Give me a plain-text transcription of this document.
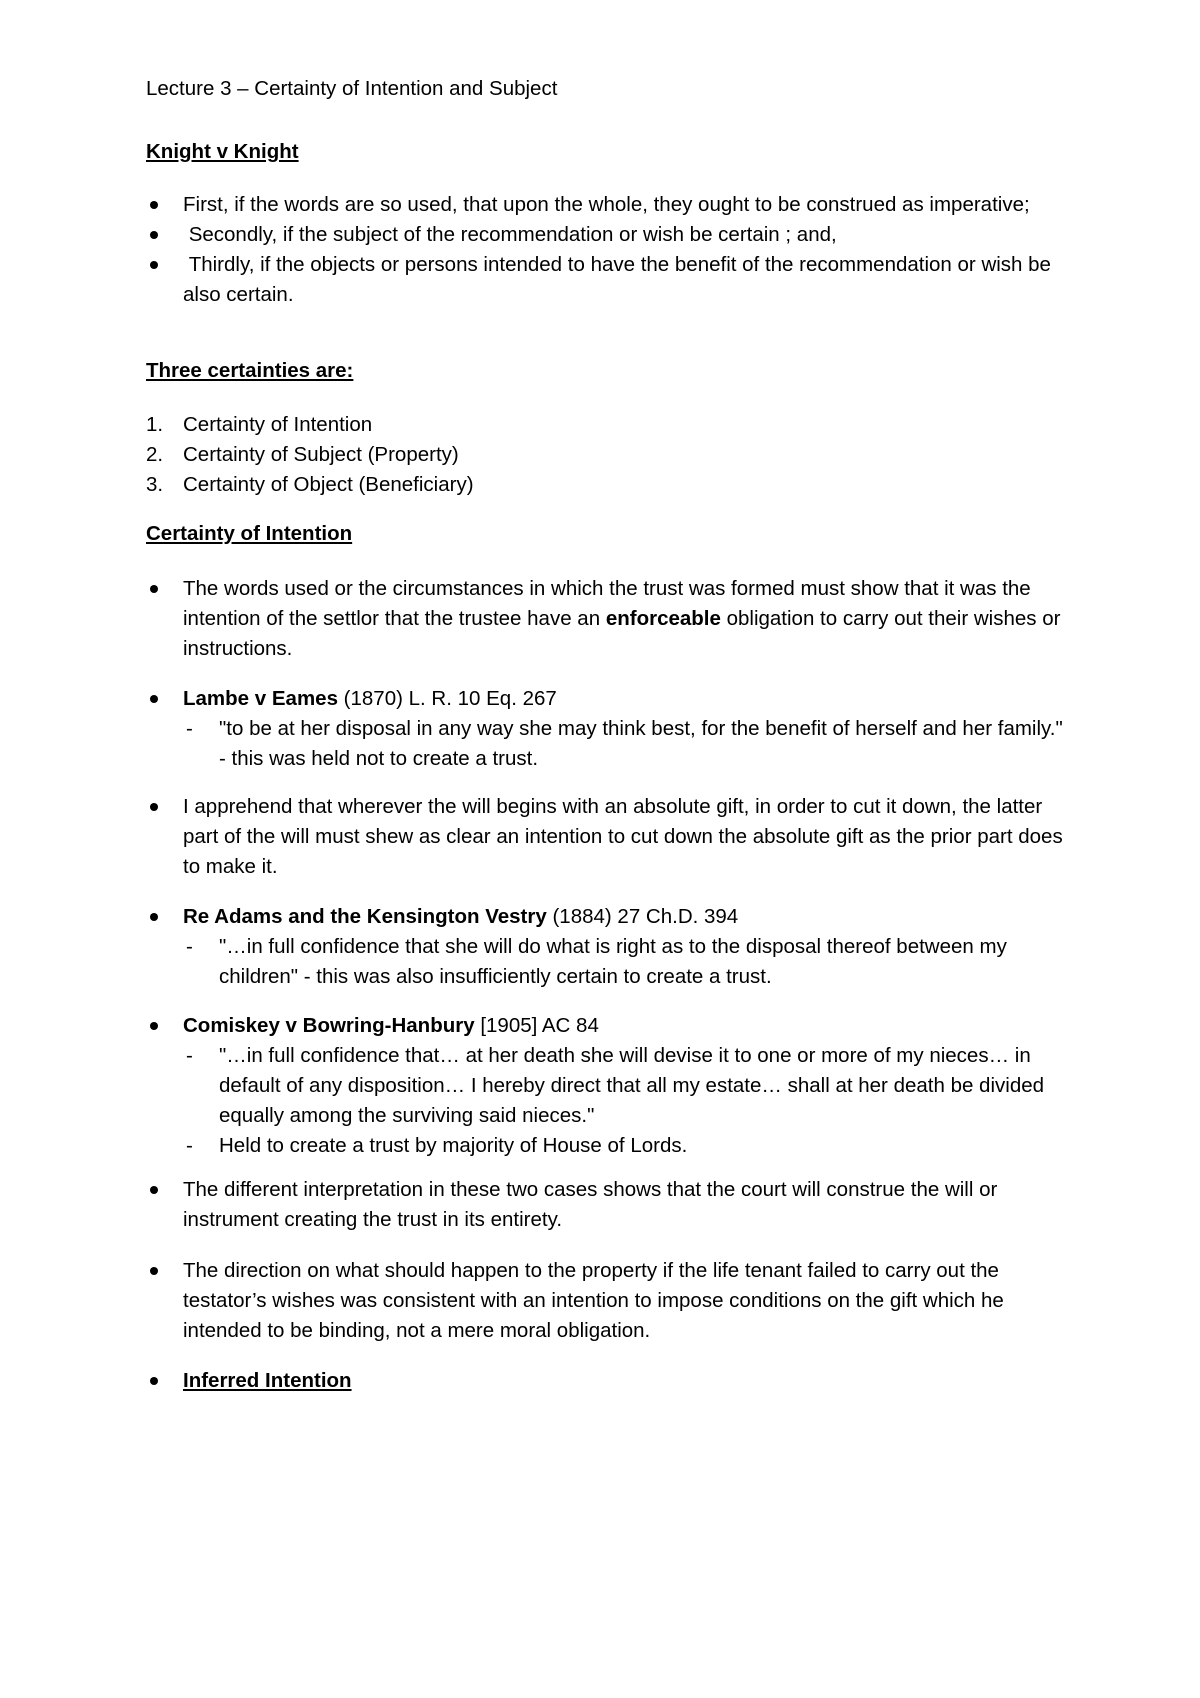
Lecture 3 – Certainty of Intention and Subject
Knight v Knight
First, if the words are so used, that upon the whole, they ought to be construed as imperative;
Secondly, if the subject of the recommendation or wish be certain ; and,
Thirdly, if the objects or persons intended to have the benefit of the recommendation or wish be also certain.
Three certainties are:
1. Certainty of Intention
2. Certainty of Subject (Property)
3. Certainty of Object (Beneficiary)
Certainty of Intention
The words used or the circumstances in which the trust was formed must show that it was the intention of the settlor that the trustee have an enforceable obligation to carry out their wishes or instructions.
Lambe v Eames (1870) L. R. 10 Eq. 267
- "to be at her disposal in any way she may think best, for the benefit of herself and her family." - this was held not to create a trust.
I apprehend that wherever the will begins with an absolute gift, in order to cut it down, the latter part of the will must shew as clear an intention to cut down the absolute gift as the prior part does to make it.
Re Adams and the Kensington Vestry (1884) 27 Ch.D. 394
- "…in full confidence that she will do what is right as to the disposal thereof between my children" - this was also insufficiently certain to create a trust.
Comiskey v Bowring-Hanbury [1905] AC 84
- "…in full confidence that… at her death she will devise it to one or more of my nieces… in default of any disposition… I hereby direct that all my estate… shall at her death be divided equally among the surviving said nieces."
- Held to create a trust by majority of House of Lords.
The different interpretation in these two cases shows that the court will construe the will or instrument creating the trust in its entirety.
The direction on what should happen to the property if the life tenant failed to carry out the testator’s wishes was consistent with an intention to impose conditions on the gift which he intended to be binding, not a mere moral obligation.
Inferred Intention
